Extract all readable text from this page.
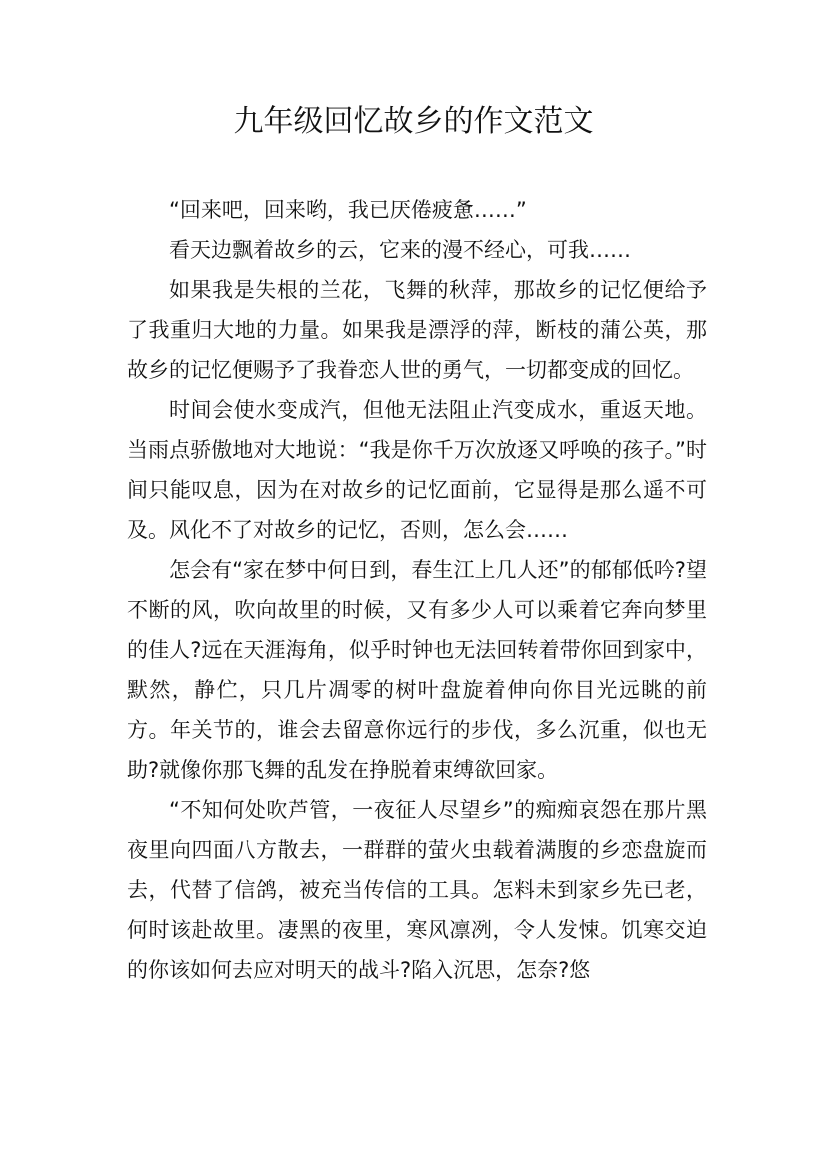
九年级回忆故乡的作文范文

“回来吧，回来哟，我已厌倦疲惫……”

看天边飘着故乡的云，它来的漫不经心，可我……

如果我是失根的兰花，飞舞的秋萍，那故乡的记忆便给予了我重归大地的力量。如果我是漂浮的萍，断枝的蒲公英，那故乡的记忆便赐予了我眷恋人世的勇气，一切都变成的回忆。

时间会使水变成汽，但他无法阻止汽变成水，重返天地。当雨点骄傲地对大地说：“我是你千万次放逐又呼唤的孩子。”时间只能叹息，因为在对故乡的记忆面前，它显得是那么遥不可及。风化不了对故乡的记忆，否则，怎么会……

怎会有“家在梦中何日到，春生江上几人还”的郁郁低吟?望不断的风，吹向故里的时候，又有多少人可以乘着它奔向梦里的佳人?远在天涯海角，似乎时钟也无法回转着带你回到家中，默然，静伫，只几片凋零的树叶盘旋着伸向你目光远眺的前方。年关节的，谁会去留意你远行的步伐，多么沉重，似也无助?就像你那飞舞的乱发在挣脱着束缚欲回家。

“不知何处吹芦管，一夜征人尽望乡”的痴痴哀怨在那片黑夜里向四面八方散去，一群群的萤火虫载着满腹的乡恋盘旋而去，代替了信鸽，被充当传信的工具。怎料未到家乡先已老，何时该赴故里。凄黑的夜里，寒风凛冽，令人发悚。饥寒交迫的你该如何去应对明天的战斗?陷入沉思，怎奈?悠
